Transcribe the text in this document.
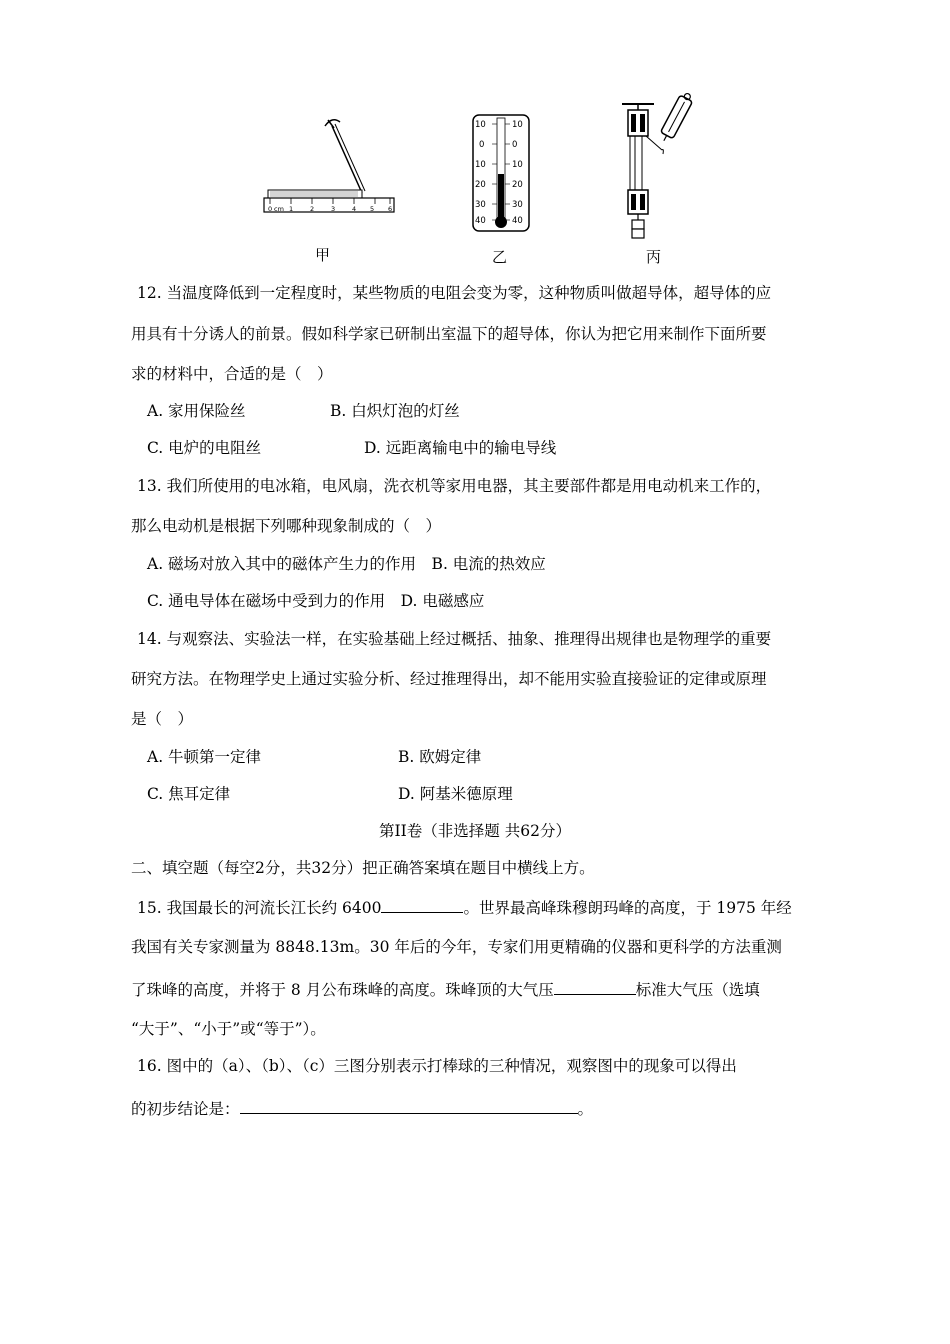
0 cm 1	2	3	4 5 6
甲
10
0
10
20
30
40
10
0
10
20
30
40
乙	丙
12. 当温度降低到一定程度时，某些物质的电阻会变为零，这种物质叫做超导体，超导体的应
用具有十分诱人的前景。假如科学家已研制出室温下的超导体，你认为把它用来制作下面所要
求的材料中，合适的是（　）
A. 家用保险丝	B. 白炽灯泡的灯丝
C. 电炉的电阻丝	D. 远距离输电中的输电导线
13. 我们所使用的电冰箱，电风扇，洗衣机等家用电器，其主要部件都是用电动机来工作的，
那么电动机是根据下列哪种现象制成的（　）
A. 磁场对放入其中的磁体产生力的作用　B. 电流的热效应
C. 通电导体在磁场中受到力的作用　D. 电磁感应
14. 与观察法、实验法一样，在实验基础上经过概括、抽象、推理得出规律也是物理学的重要
研究方法。在物理学史上通过实验分析、经过推理得出，却不能用实验直接验证的定律或原理
是（　）
A. 牛顿第一定律	B. 欧姆定律
C. 焦耳定律	D. 阿基米德原理
第II卷（非选择题 共62分）
二、填空题（每空2分，共32分）把正确答案填在题目中横线上方。
15. 我国最长的河流长江长约 6400	。世界最高峰珠穆朗玛峰的高度，于 1975 年经
我国有关专家测量为 8848.13m。30 年后的今年，专家们用更精确的仪器和更科学的方法重测
了珠峰的高度，并将于 8 月公布珠峰的高度。珠峰顶的大气压	标准大气压（选填
“大于”、“小于”或“等于”）。
16. 图中的（a）、（b）、（c）三图分别表示打棒球的三种情况，观察图中的现象可以得出
的初步结论是：	。
